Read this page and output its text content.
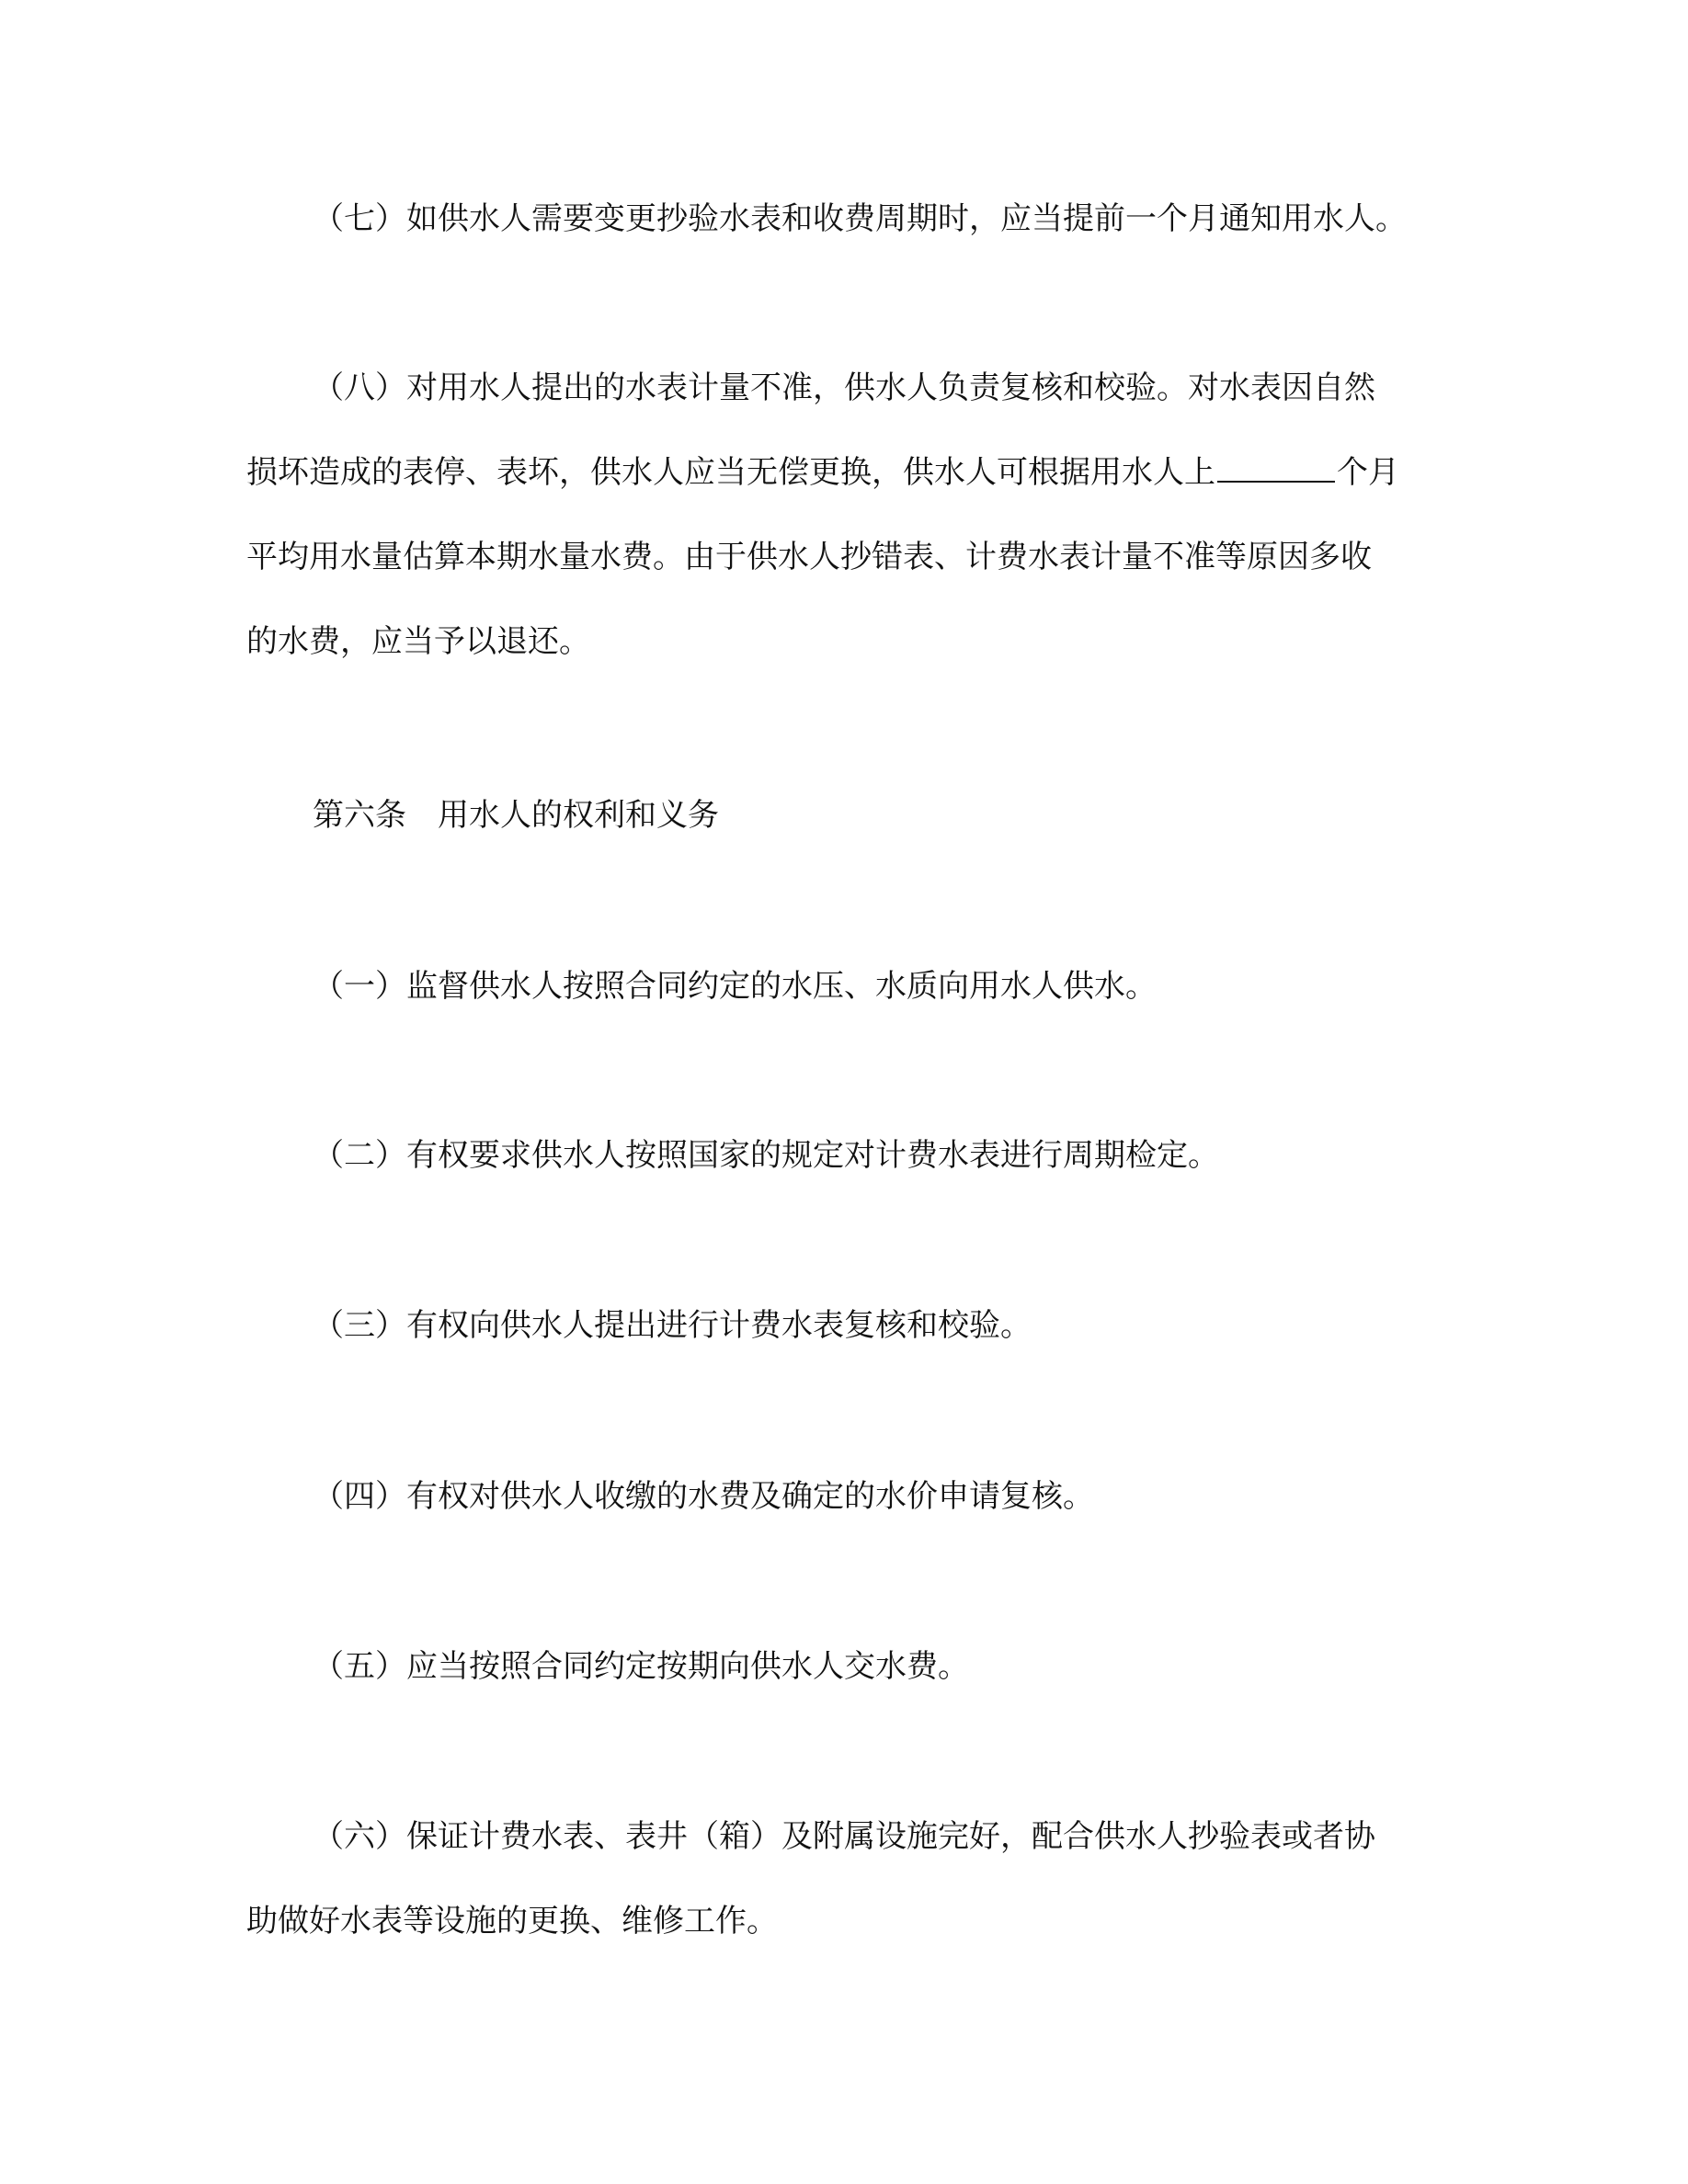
（七）如供水人需要变更抄验水表和收费周期时，应当提前一个月通知用水人。
（八）对用水人提出的水表计量不准，供水人负责复核和校验。对水表因自然
损坏造成的表停、表坏，供水人应当无偿更换，供水人可根据用水人上	个月
平均用水量估算本期水量水费。由于供水人抄错表、计费水表计量不准等原因多收
的水费，应当予以退还。
第六条　用水人的权利和义务
（一）监督供水人按照合同约定的水压、水质向用水人供水。
（二）有权要求供水人按照国家的规定对计费水表进行周期检定。
（三）有权向供水人提出进行计费水表复核和校验。
（四）有权对供水人收缴的水费及确定的水价申请复核。
（五）应当按照合同约定按期向供水人交水费。
（六）保证计费水表、表井（箱）及附属设施完好，配合供水人抄验表或者协
助做好水表等设施的更换、维修工作。
